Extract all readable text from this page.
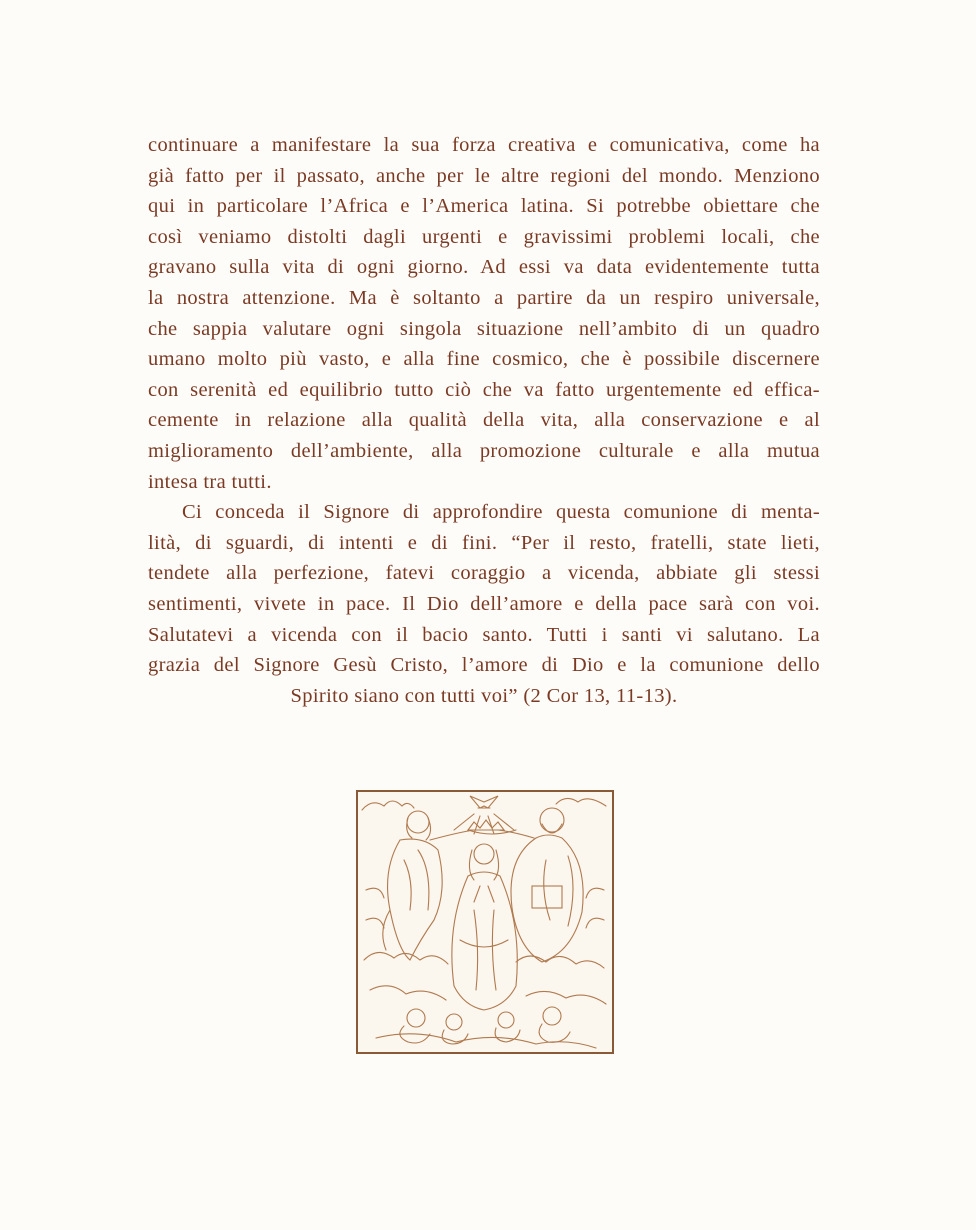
continuare a manifestare la sua forza creativa e comunicativa, come ha
già fatto per il passato, anche per le altre regioni del mondo. Menziono
qui in particolare l’Africa e l’America latina. Si potrebbe obiettare che
così veniamo distolti dagli urgenti e gravissimi problemi locali, che
gravano sulla vita di ogni giorno. Ad essi va data evidentemente tutta
la nostra attenzione. Ma è soltanto a partire da un respiro universale,
che sappia valutare ogni singola situazione nell’ambito di un quadro
umano molto più vasto, e alla fine cosmico, che è possibile discernere
con serenità ed equilibrio tutto ciò che va fatto urgentemente ed effica-
cemente in relazione alla qualità della vita, alla conservazione e al
miglioramento dell’ambiente, alla promozione culturale e alla mutua
intesa tra tutti.
Ci conceda il Signore di approfondire questa comunione di menta-
lità, di sguardi, di intenti e di fini. “Per il resto, fratelli, state lieti,
tendete alla perfezione, fatevi coraggio a vicenda, abbiate gli stessi
sentimenti, vivete in pace. Il Dio dell’amore e della pace sarà con voi.
Salutatevi a vicenda con il bacio santo. Tutti i santi vi salutano. La
grazia del Signore Gesù Cristo, l’amore di Dio e la comunione dello
Spirito siano con tutti voi” (2 Cor 13, 11-13).
